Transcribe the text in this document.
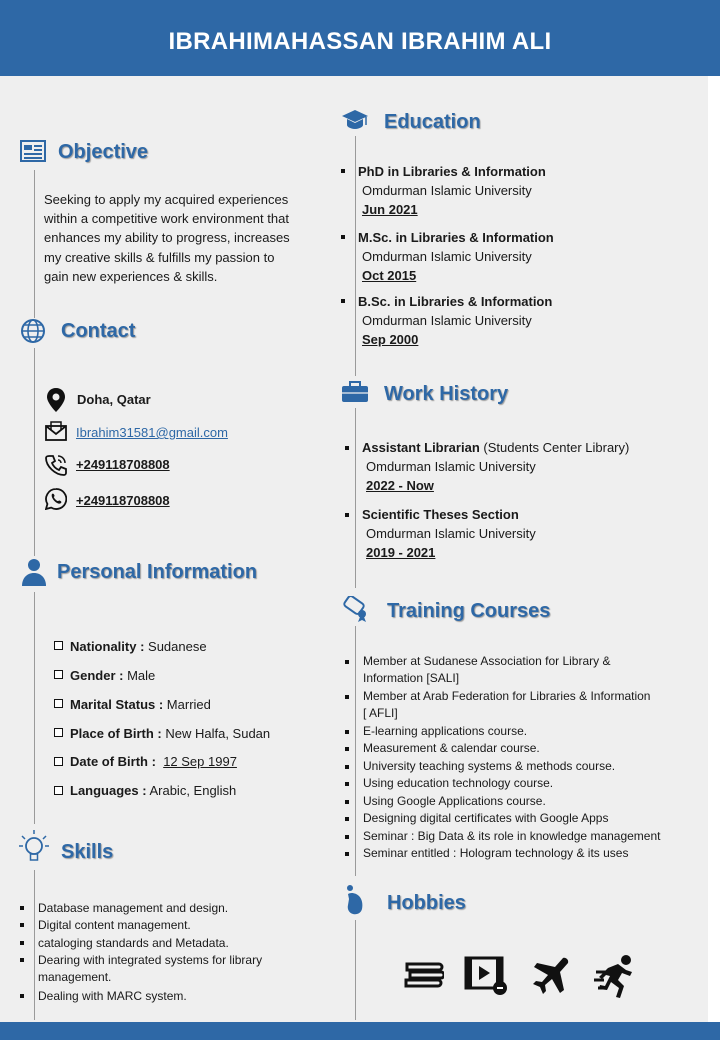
IBRAHIMAHASSAN IBRAHIM ALI
Objective
Seeking to apply my acquired experiences
within a competitive work environment that
enhances my ability to progress, increases
my creative skills & fulfills my passion to
gain new experiences & skills.
Contact
Doha, Qatar
Ibrahim31581@gmail.com
+249118708808
+249118708808
Personal Information
Nationality : Sudanese
Gender : Male
Marital Status : Married
Place of Birth : New Halfa, Sudan
Date of Birth : 12 Sep 1997
Languages : Arabic, English
Skills
Database management and design.
Digital content management.
cataloging standards and Metadata.
Dearing with integrated systems for library
management.
Dealing with MARC system.
Education
PhD in Libraries & Information
Omdurman Islamic University
Jun 2021
M.Sc. in Libraries & Information
Omdurman Islamic University
Oct 2015
B.Sc. in Libraries & Information
Omdurman Islamic University
Sep 2000
Work History
Assistant Librarian (Students Center Library)
Omdurman Islamic University
2022 - Now
Scientific Theses Section
Omdurman Islamic University
2019 - 2021
Training Courses
Member at Sudanese Association for Library &
Information [SALI]
Member at Arab Federation for Libraries & Information
[ AFLI]
E-learning applications course.
Measurement & calendar course.
University teaching systems & methods course.
Using education technology course.
Using Google Applications course.
Designing digital certificates with Google Apps
Seminar : Big Data & its role in knowledge management
Seminar entitled : Hologram technology & its uses
Hobbies
